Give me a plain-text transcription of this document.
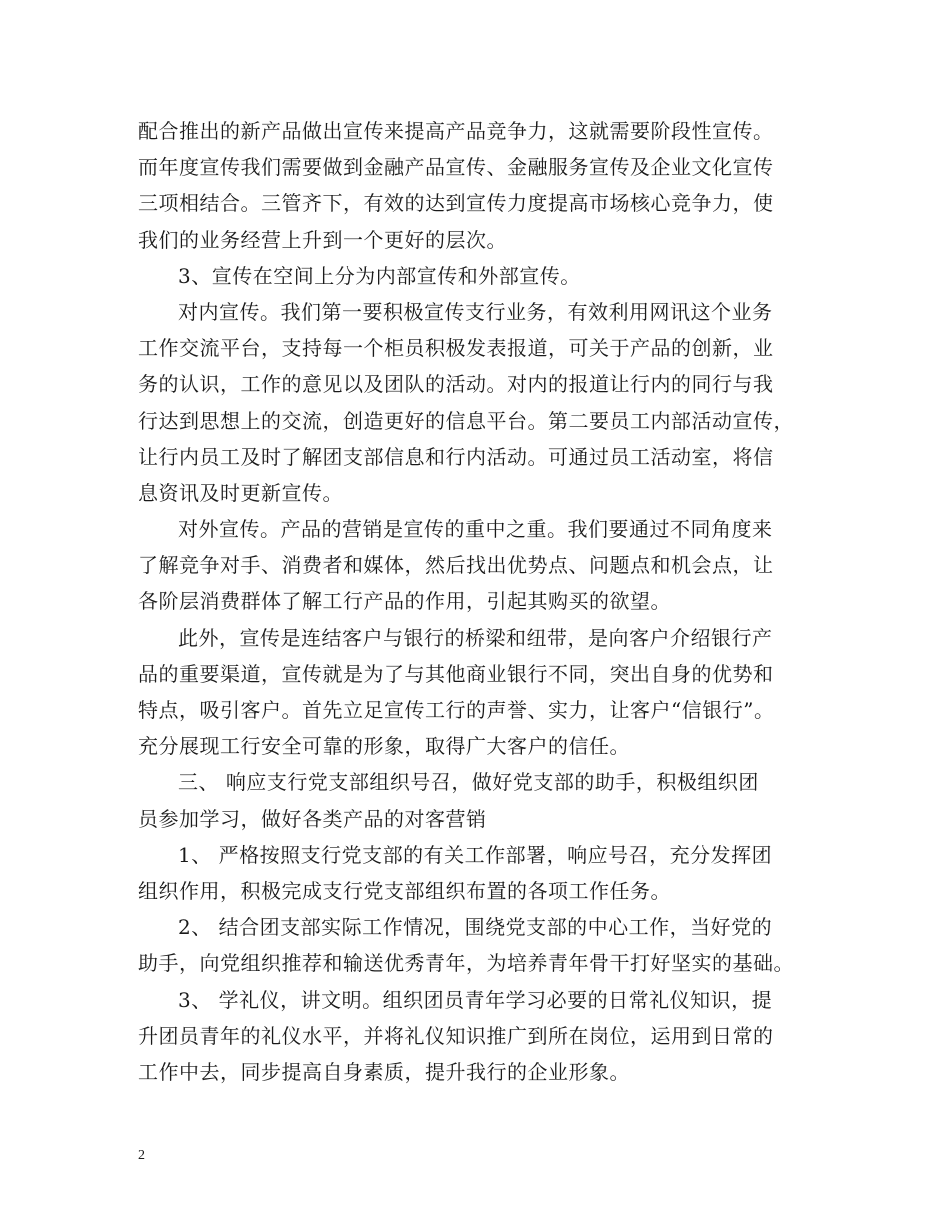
配合推出的新产品做出宣传来提高产品竞争力，这就需要阶段性宣传。
而年度宣传我们需要做到金融产品宣传、金融服务宣传及企业文化宣传
三项相结合。三管齐下，有效的达到宣传力度提高市场核心竞争力，使
我们的业务经营上升到一个更好的层次。
3、宣传在空间上分为内部宣传和外部宣传。
对内宣传。我们第一要积极宣传支行业务，有效利用网讯这个业务
工作交流平台，支持每一个柜员积极发表报道，可关于产品的创新，业
务的认识，工作的意见以及团队的活动。对内的报道让行内的同行与我
行达到思想上的交流，创造更好的信息平台。第二要员工内部活动宣传，
让行内员工及时了解团支部信息和行内活动。可通过员工活动室，将信
息资讯及时更新宣传。
对外宣传。产品的营销是宣传的重中之重。我们要通过不同角度来
了解竞争对手、消费者和媒体，然后找出优势点、问题点和机会点，让
各阶层消费群体了解工行产品的作用，引起其购买的欲望。
此外，宣传是连结客户与银行的桥梁和纽带，是向客户介绍银行产
品的重要渠道，宣传就是为了与其他商业银行不同，突出自身的优势和
特点，吸引客户。首先立足宣传工行的声誉、实力，让客户“信银行”。
充分展现工行安全可靠的形象，取得广大客户的信任。
三、 响应支行党支部组织号召，做好党支部的助手，积极组织团
员参加学习，做好各类产品的对客营销
1、 严格按照支行党支部的有关工作部署，响应号召，充分发挥团
组织作用，积极完成支行党支部组织布置的各项工作任务。
2、 结合团支部实际工作情况，围绕党支部的中心工作，当好党的
助手，向党组织推荐和输送优秀青年，为培养青年骨干打好坚实的基础。
3、 学礼仪，讲文明。组织团员青年学习必要的日常礼仪知识，提
升团员青年的礼仪水平，并将礼仪知识推广到所在岗位，运用到日常的
工作中去，同步提高自身素质，提升我行的企业形象。
2
